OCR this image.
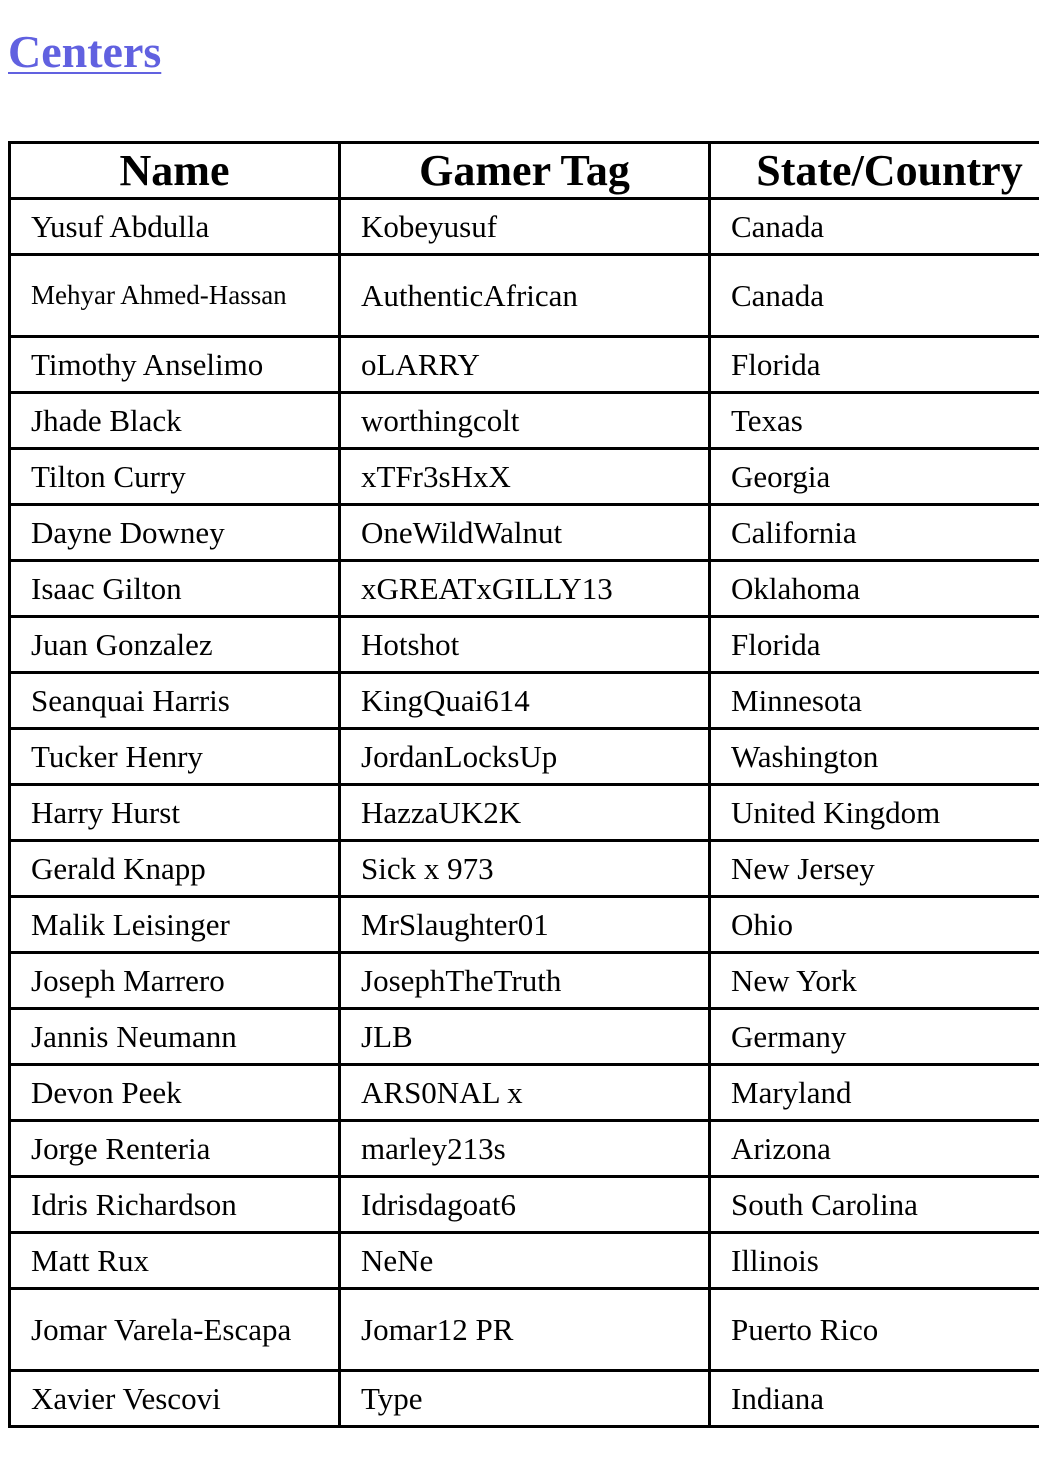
Centers
Name	Gamer Tag	State/Country
Yusuf Abdulla	Kobeyusuf	Canada
Mehyar Ahmed-Hassan	AuthenticAfrican	Canada
Timothy Anselimo	oLARRY	Florida
Jhade Black	worthingcolt	Texas
Tilton Curry	xTFr3sHxX	Georgia
Dayne Downey	OneWildWalnut	California
Isaac Gilton	xGREATxGILLY13	Oklahoma
Juan Gonzalez	Hotshot	Florida
Seanquai Harris	KingQuai614	Minnesota
Tucker Henry	JordanLocksUp	Washington
Harry Hurst	HazzaUK2K	United Kingdom
Gerald Knapp	Sick x 973	New Jersey
Malik Leisinger	MrSlaughter01	Ohio
Joseph Marrero	JosephTheTruth	New York
Jannis Neumann	JLB	Germany
Devon Peek	ARS0NAL x	Maryland
Jorge Renteria	marley213s	Arizona
Idris Richardson	Idrisdagoat6	South Carolina
Matt Rux	NeNe	Illinois
Jomar Varela-Escapa	Jomar12 PR	Puerto Rico
Xavier Vescovi	Type	Indiana
